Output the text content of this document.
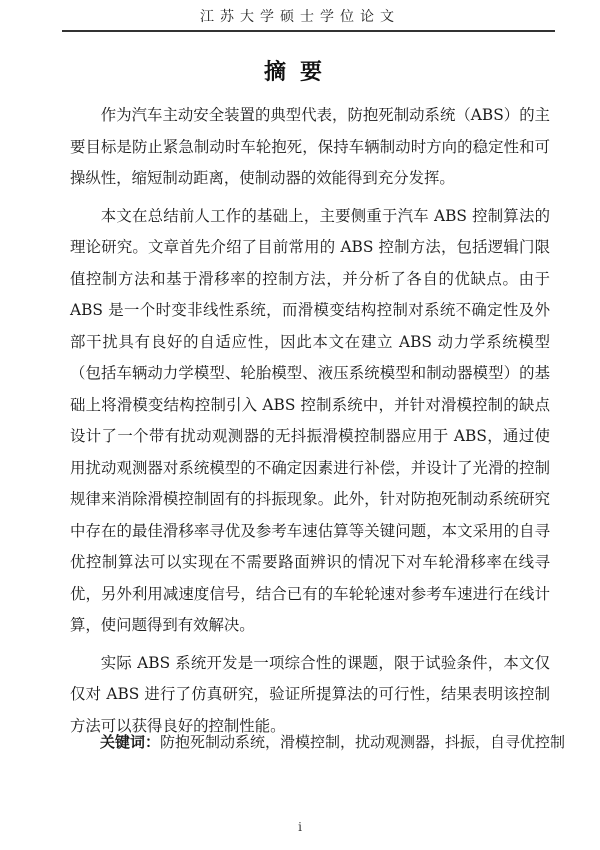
江苏大学硕士学位论文
摘要

作为汽车主动安全装置的典型代表，防抱死制动系统（ABS）的主要目标是防止紧急制动时车轮抱死，保持车辆制动时方向的稳定性和可操纵性，缩短制动距离，使制动器的效能得到充分发挥。

本文在总结前人工作的基础上，主要侧重于汽车 ABS 控制算法的理论研究。文章首先介绍了目前常用的 ABS 控制方法，包括逻辑门限值控制方法和基于滑移率的控制方法，并分析了各自的优缺点。由于 ABS 是一个时变非线性系统，而滑模变结构控制对系统不确定性及外部干扰具有良好的自适应性，因此本文在建立 ABS 动力学系统模型（包括车辆动力学模型、轮胎模型、液压系统模型和制动器模型）的基础上将滑模变结构控制引入 ABS 控制系统中，并针对滑模控制的缺点设计了一个带有扰动观测器的无抖振滑模控制器应用于 ABS，通过使用扰动观测器对系统模型的不确定因素进行补偿，并设计了光滑的控制规律来消除滑模控制固有的抖振现象。此外，针对防抱死制动系统研究中存在的最佳滑移率寻优及参考车速估算等关键问题，本文采用的自寻优控制算法可以实现在不需要路面辨识的情况下对车轮滑移率在线寻优，另外利用减速度信号，结合已有的车轮轮速对参考车速进行在线计算，使问题得到有效解决。

实际 ABS 系统开发是一项综合性的课题，限于试验条件，本文仅仅对 ABS 进行了仿真研究，验证所提算法的可行性，结果表明该控制方法可以获得良好的控制性能。

关键词：防抱死制动系统，滑模控制，扰动观测器，抖振，自寻优控制
i
